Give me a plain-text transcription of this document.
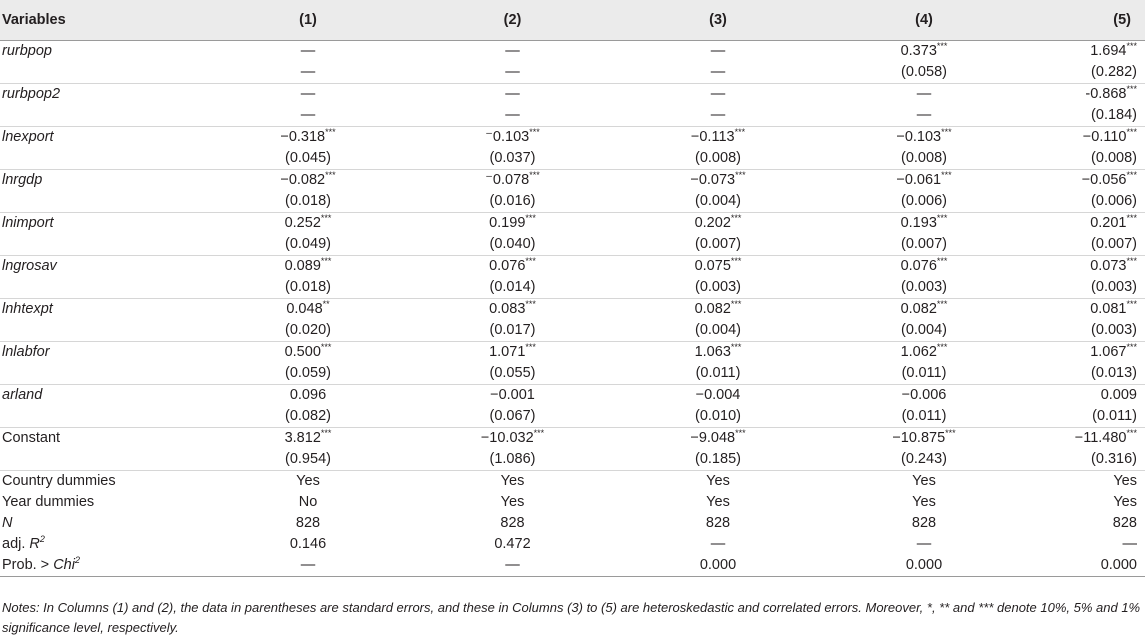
Variables	(1)	(2)	(3)	(4)	(5)
rurbpop	—	—	—	0.373***	1.694***
	—	—	—	(0.058)	(0.282)
rurbpop2	—	—	—	—	-0.868***
	—	—	—	—	(0.184)
lnexport	−0.318***	⁻0.103***	−0.113***	−0.103***	−0.110***
	(0.045)	(0.037)	(0.008)	(0.008)	(0.008)
lnrgdp	−0.082***	⁻0.078***	−0.073***	−0.061***	−0.056***
	(0.018)	(0.016)	(0.004)	(0.006)	(0.006)
lnimport	0.252***	0.199***	0.202***	0.193***	0.201***
	(0.049)	(0.040)	(0.007)	(0.007)	(0.007)
lngrosav	0.089***	0.076***	0.075***	0.076***	0.073***
	(0.018)	(0.014)	(0.003)	(0.003)	(0.003)
lnhtexpt	0.048**	0.083***	0.082***	0.082***	0.081***
	(0.020)	(0.017)	(0.004)	(0.004)	(0.003)
lnlabfor	0.500***	1.071***	1.063***	1.062***	1.067***
	(0.059)	(0.055)	(0.011)	(0.011)	(0.013)
arland	0.096	−0.001	−0.004	−0.006	0.009
	(0.082)	(0.067)	(0.010)	(0.011)	(0.011)
Constant	3.812***	−10.032***	−9.048***	−10.875***	−11.480***
	(0.954)	(1.086)	(0.185)	(0.243)	(0.316)
Country dummies	Yes	Yes	Yes	Yes	Yes
Year dummies	No	Yes	Yes	Yes	Yes
N	828	828	828	828	828
adj. $R^2$	0.146	0.472	—	—	—
Prob. > Chi$^2$	—	—	0.000	0.000	0.000
Notes: In Columns (1) and (2), the data in parentheses are standard errors, and these in Columns (3) to (5) are heteroskedastic and correlated errors. Moreover, *, ** and *** denote 10%, 5% and 1% significance level, respectively.
